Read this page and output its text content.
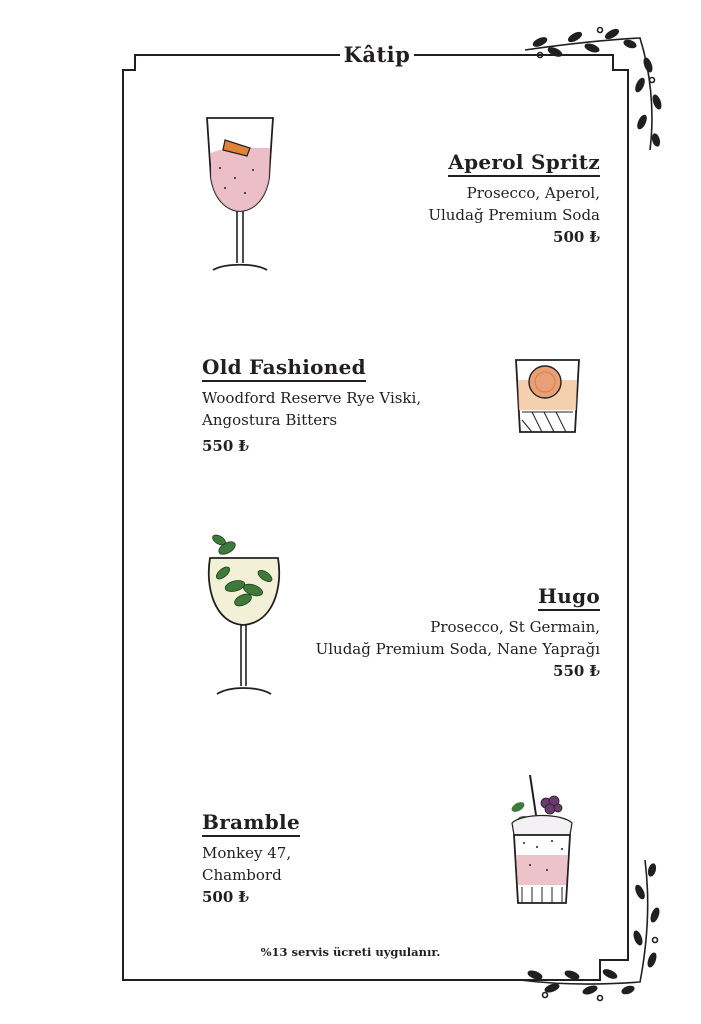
Kâtip
Aperol Spritz
Prosecco, Aperol,
Uludağ Premium Soda
500 ₺
Old Fashioned
Woodford Reserve Rye Viski,
Angostura Bitters
550 ₺
Hugo
Prosecco, St Germain,
Uludağ Premium Soda, Nane Yaprağı
550 ₺
Bramble
Monkey 47,
Chambord
500 ₺
%13 servis ücreti uygulanır.
